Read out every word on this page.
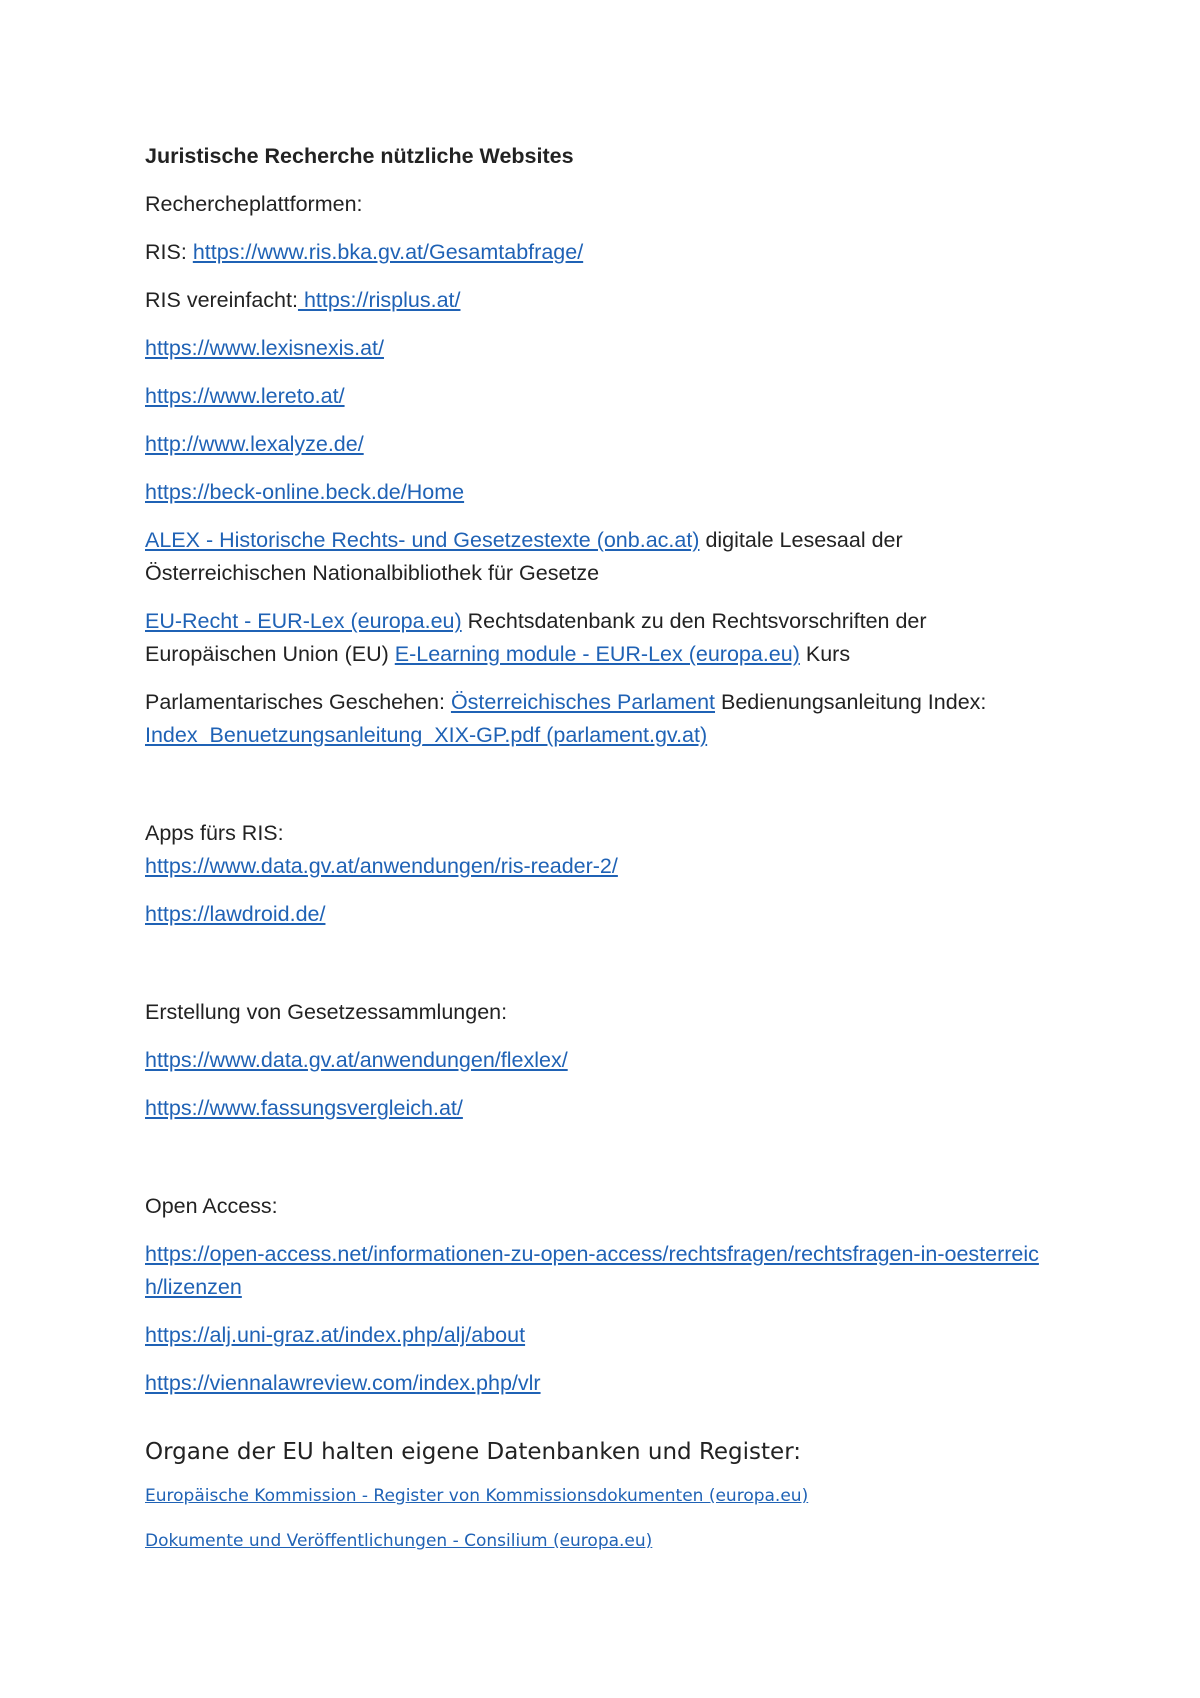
Juristische Recherche nützliche Websites

Rechercheplattformen:

RIS: https://www.ris.bka.gv.at/Gesamtabfrage/

RIS vereinfacht: https://risplus.at/

https://www.lexisnexis.at/

https://www.lereto.at/

http://www.lexalyze.de/

https://beck-online.beck.de/Home

ALEX - Historische Rechts- und Gesetzestexte (onb.ac.at) digitale Lesesaal der Österreichischen Nationalbibliothek für Gesetze

EU-Recht - EUR-Lex (europa.eu) Rechtsdatenbank zu den Rechtsvorschriften der Europäischen Union (EU) E-Learning module - EUR-Lex (europa.eu) Kurs

Parlamentarisches Geschehen: Österreichisches Parlament Bedienungsanleitung Index: Index_Benuetzungsanleitung_XIX-GP.pdf (parlament.gv.at)

Apps fürs RIS:

https://www.data.gv.at/anwendungen/ris-reader-2/

https://lawdroid.de/

Erstellung von Gesetzessammlungen:

https://www.data.gv.at/anwendungen/flexlex/

https://www.fassungsvergleich.at/

Open Access:

https://open-access.net/informationen-zu-open-access/rechtsfragen/rechtsfragen-in-oesterreich/lizenzen

https://alj.uni-graz.at/index.php/alj/about

https://viennalawreview.com/index.php/vlr

Organe der EU halten eigene Datenbanken und Register:

Europäische Kommission - Register von Kommissionsdokumenten (europa.eu)

Dokumente und Veröffentlichungen - Consilium (europa.eu)
